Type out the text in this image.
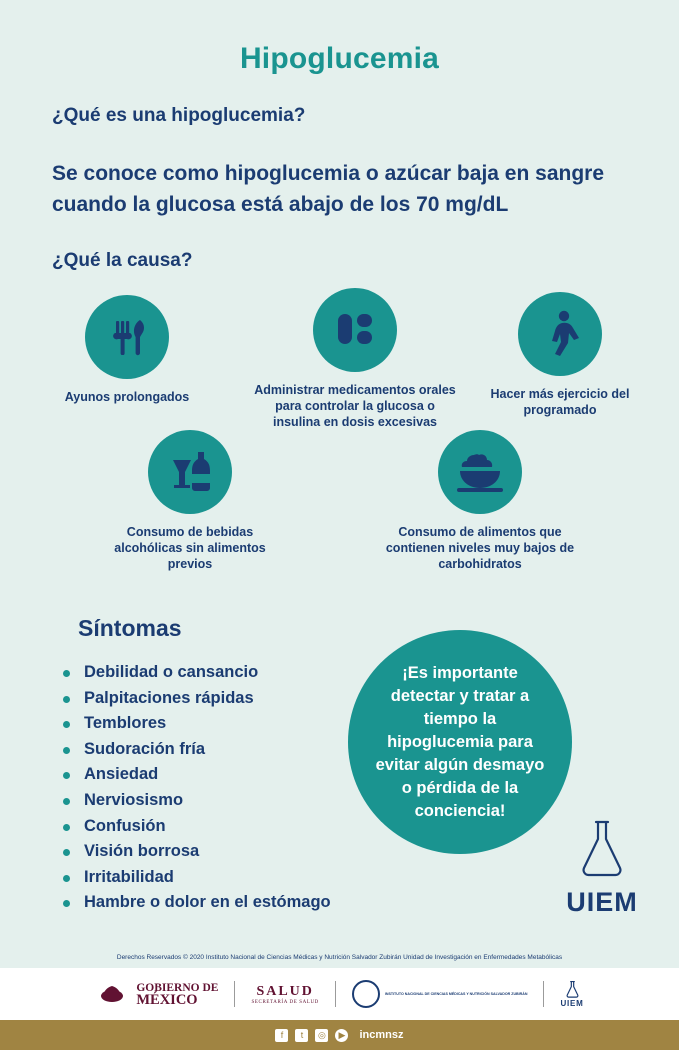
Hipoglucemia
¿Qué es una hipoglucemia?
Se conoce como hipoglucemia o azúcar baja en sangre cuando la glucosa está abajo de los 70 mg/dL
¿Qué la causa?
Ayunos prolongados	Administrar medicamentos orales para controlar la glucosa o insulina en dosis excesivas
Hacer más ejercicio del programado
Consumo de bebidas alcohólicas sin alimentos previos
Consumo de alimentos que contienen niveles muy bajos de carbohidratos
Síntomas
Debilidad o cansancio
Palpitaciones rápidas
Temblores
Sudoración fría
Ansiedad
Nerviosismo
Confusión
Visión borrosa
Irritabilidad
Hambre o dolor en el estómago
¡Es importante detectar y tratar a tiempo la hipoglucemia para evitar algún desmayo o pérdida de la conciencia!
UIEM
Derechos Reservados © 2020 Instituto Nacional de Ciencias Médicas y Nutrición Salvador Zubirán Unidad de Investigación en Enfermedades Metabólicas
GOBIERNO DE
MÉXICO
SALUD
SECRETARÍA DE SALUD
INSTITUTO NACIONAL DE CIENCIAS MÉDICAS Y NUTRICIÓN SALVADOR ZUBIRÁN
UIEM
f	t	◎	▶ incmnsz
